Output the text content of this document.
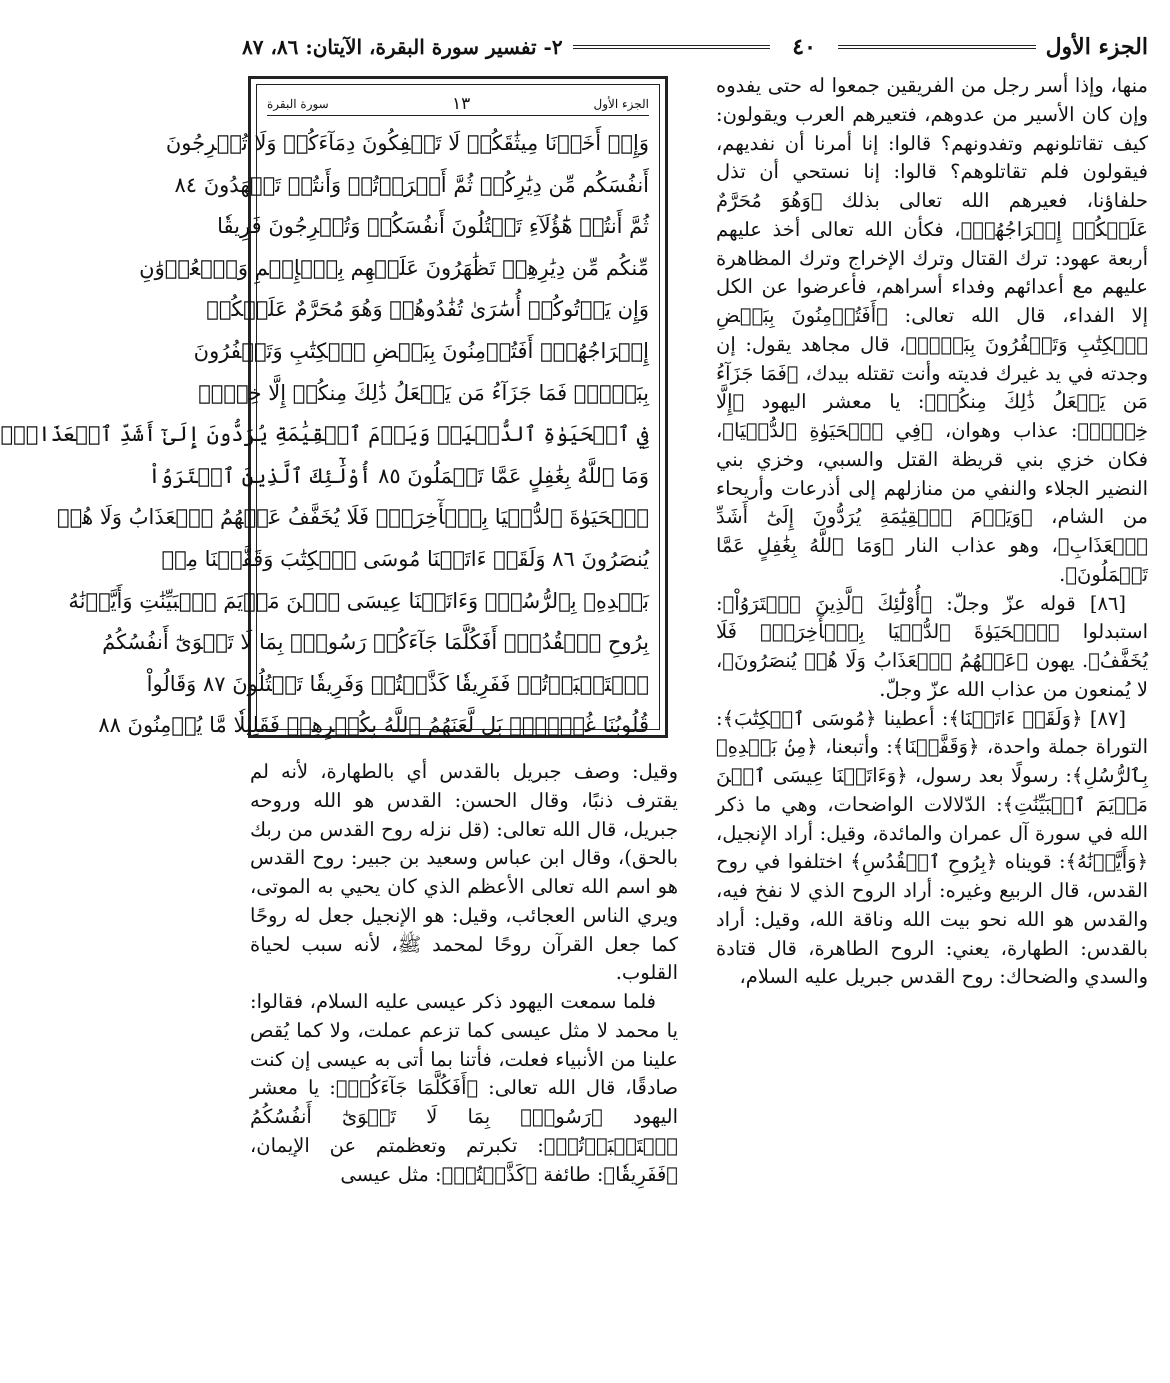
الجزء الأول
٤٠
٢- تفسير سورة البقرة، الآيتان: ٨٦، ٨٧
الجزء الأول
١٣
سورة البقرة
وَإِذۡ أَخَذۡنَا مِيثَٰقَكُمۡ لَا تَسۡفِكُونَ دِمَآءَكُمۡ وَلَا تُخۡرِجُونَ
أَنفُسَكُم مِّن دِيَٰرِكُمۡ ثُمَّ أَقۡرَرۡتُمۡ وَأَنتُمۡ تَشۡهَدُونَ ٨٤
ثُمَّ أَنتُمۡ هَٰٓؤُلَآءِ تَقۡتُلُونَ أَنفُسَكُمۡ وَتُخۡرِجُونَ فَرِيقٗا
مِّنكُم مِّن دِيَٰرِهِمۡ تَظَٰهَرُونَ عَلَيۡهِم بِٱلۡإِثۡمِ وَٱلۡعُدۡوَٰنِ
وَإِن يَأۡتُوكُمۡ أُسَٰرَىٰ تُفَٰدُوهُمۡ وَهُوَ مُحَرَّمٌ عَلَيۡكُمۡ
إِخۡرَاجُهُمۡۚ أَفَتُؤۡمِنُونَ بِبَعۡضِ ٱلۡكِتَٰبِ وَتَكۡفُرُونَ
بِبَعۡضٖۚ فَمَا جَزَآءُ مَن يَفۡعَلُ ذَٰلِكَ مِنكُمۡ إِلَّا خِزۡيٞ
فِي ٱلۡحَيَوٰةِ ٱلدُّنۡيَاۖ وَيَوۡمَ ٱلۡقِيَٰمَةِ يُرَدُّونَ إِلَىٰٓ أَشَدِّ ٱلۡعَذَابِۗ
وَمَا ٱللَّهُ بِغَٰفِلٍ عَمَّا تَعۡمَلُونَ ٨٥ أُوْلَٰٓئِكَ ٱلَّذِينَ ٱشۡتَرَوُاْ
ٱلۡحَيَوٰةَ ٱلدُّنۡيَا بِٱلۡأٓخِرَةِۖ فَلَا يُخَفَّفُ عَنۡهُمُ ٱلۡعَذَابُ وَلَا هُمۡ
يُنصَرُونَ ٨٦ وَلَقَدۡ ءَاتَيۡنَا مُوسَى ٱلۡكِتَٰبَ وَقَفَّيۡنَا مِنۢ
بَعۡدِهِۦ بِٱلرُّسُلِۖ وَءَاتَيۡنَا عِيسَى ٱبۡنَ مَرۡيَمَ ٱلۡبَيِّنَٰتِ وَأَيَّدۡنَٰهُ
بِرُوحِ ٱلۡقُدُسِۗ أَفَكُلَّمَا جَآءَكُمۡ رَسُولُۢ بِمَا لَا تَهۡوَىٰٓ أَنفُسُكُمُ
ٱسۡتَكۡبَرۡتُمۡ فَفَرِيقٗا كَذَّبۡتُمۡ وَفَرِيقٗا تَقۡتُلُونَ ٨٧ وَقَالُواْ
قُلُوبُنَا غُلۡفُۢۚ بَل لَّعَنَهُمُ ٱللَّهُ بِكُفۡرِهِمۡ فَقَلِيلٗا مَّا يُؤۡمِنُونَ ٨٨

منها، وإذا أسر رجل من الفريقين جمعوا له حتى يفدوه وإن كان الأسير من عدوهم، فتعيرهم العرب ويقولون: كيف تقاتلونهم وتفدونهم؟ قالوا: إنا أمرنا أن نفديهم، فيقولون فلم تقاتلوهم؟ قالوا: إنا نستحي أن تذل حلفاؤنا، فعيرهم الله تعالى بذلك ﴿وَهُوَ مُحَرَّمٌ عَلَيۡكُمۡ إِخۡرَاجُهُمۡ﴾، فكأن الله تعالى أخذ عليهم أربعة عهود: ترك القتال وترك الإخراج وترك المظاهرة عليهم مع أعدائهم وفداء أسراهم، فأعرضوا عن الكل إلا الفداء، قال الله تعالى: ﴿أَفَتُؤۡمِنُونَ بِبَعۡضِ ٱلۡكِتَٰبِ وَتَكۡفُرُونَ بِبَعۡضٖ﴾، قال مجاهد يقول: إن وجدته في يد غيرك فديته وأنت تقتله بيدك، ﴿فَمَا جَزَآءُ مَن يَفۡعَلُ ذَٰلِكَ مِنكُمۡ﴾: يا معشر اليهود ﴿إِلَّا خِزۡيٞ﴾: عذاب وهوان، ﴿فِي ٱلۡحَيَوٰةِ ٱلدُّنۡيَا﴾، فكان خزي بني قريظة القتل والسبي، وخزي بني النضير الجلاء والنفي من منازلهم إلى أذرعات وأريحاء من الشام، ﴿وَيَوۡمَ ٱلۡقِيَٰمَةِ يُرَدُّونَ إِلَىٰٓ أَشَدِّ ٱلۡعَذَابِ﴾، وهو عذاب النار ﴿وَمَا ٱللَّهُ بِغَٰفِلٍ عَمَّا تَعۡمَلُونَ﴾.

[٨٦] قوله عزّ وجلّ: ﴿أُوْلَٰٓئِكَ ٱلَّذِينَ ٱشۡتَرَوُاْ﴾: استبدلوا ﴿ٱلۡحَيَوٰةَ ٱلدُّنۡيَا بِٱلۡأٓخِرَةِۖ فَلَا يُخَفَّفُ﴾. يهون ﴿عَنۡهُمُ ٱلۡعَذَابُ وَلَا هُمۡ يُنصَرُونَ﴾، لا يُمنعون من عذاب الله عزّ وجلّ.

[٨٧] ﴿وَلَقَدۡ ءَاتَيۡنَا﴾: أعطينا ﴿مُوسَى ٱلۡكِتَٰبَ﴾: التوراة جملة واحدة، ﴿وَقَفَّيۡنَا﴾: وأتبعنا، ﴿مِنۢ بَعۡدِهِۦ بِٱلرُّسُلِ﴾: رسولًا بعد رسول، ﴿وَءَاتَيۡنَا عِيسَى ٱبۡنَ مَرۡيَمَ ٱلۡبَيِّنَٰتِ﴾: الدّلالات الواضحات، وهي ما ذكر الله في سورة آل عمران والمائدة، وقيل: أراد الإنجيل، ﴿وَأَيَّدۡنَٰهُ﴾: قويناه ﴿بِرُوحِ ٱلۡقُدُسِ﴾ اختلفوا في روح القدس، قال الربيع وغيره: أراد الروح الذي لا نفخ فيه، والقدس هو الله نحو بيت الله وناقة الله، وقيل: أراد بالقدس: الطهارة، يعني: الروح الطاهرة، قال قتادة والسدي والضحاك: روح القدس جبريل عليه السلام،

وقيل: وصف جبريل بالقدس أي بالطهارة، لأنه لم يقترف ذنبًا، وقال الحسن: القدس هو الله وروحه جبريل، قال الله تعالى: (قل نزله روح القدس من ربك بالحق)، وقال ابن عباس وسعيد بن جبير: روح القدس هو اسم الله تعالى الأعظم الذي كان يحيي به الموتى، ويري الناس العجائب، وقيل: هو الإنجيل جعل له روحًا كما جعل القرآن روحًا لمحمد ﷺ، لأنه سبب لحياة القلوب.

فلما سمعت اليهود ذكر عيسى عليه السلام، فقالوا: يا محمد لا مثل عيسى كما تزعم عملت، ولا كما يُقص علينا من الأنبياء فعلت، فأتنا بما أتى به عيسى إن كنت صادقًا، قال الله تعالى: ﴿أَفَكُلَّمَا جَآءَكُمۡ﴾: يا معشر اليهود ﴿رَسُولُۢ بِمَا لَا تَهۡوَىٰٓ أَنفُسُكُمُ ٱسۡتَكۡبَرۡتُمۡ﴾: تكبرتم وتعظمتم عن الإيمان، ﴿فَفَرِيقٗا﴾: طائفة ﴿كَذَّبۡتُمۡ﴾: مثل عيسى
